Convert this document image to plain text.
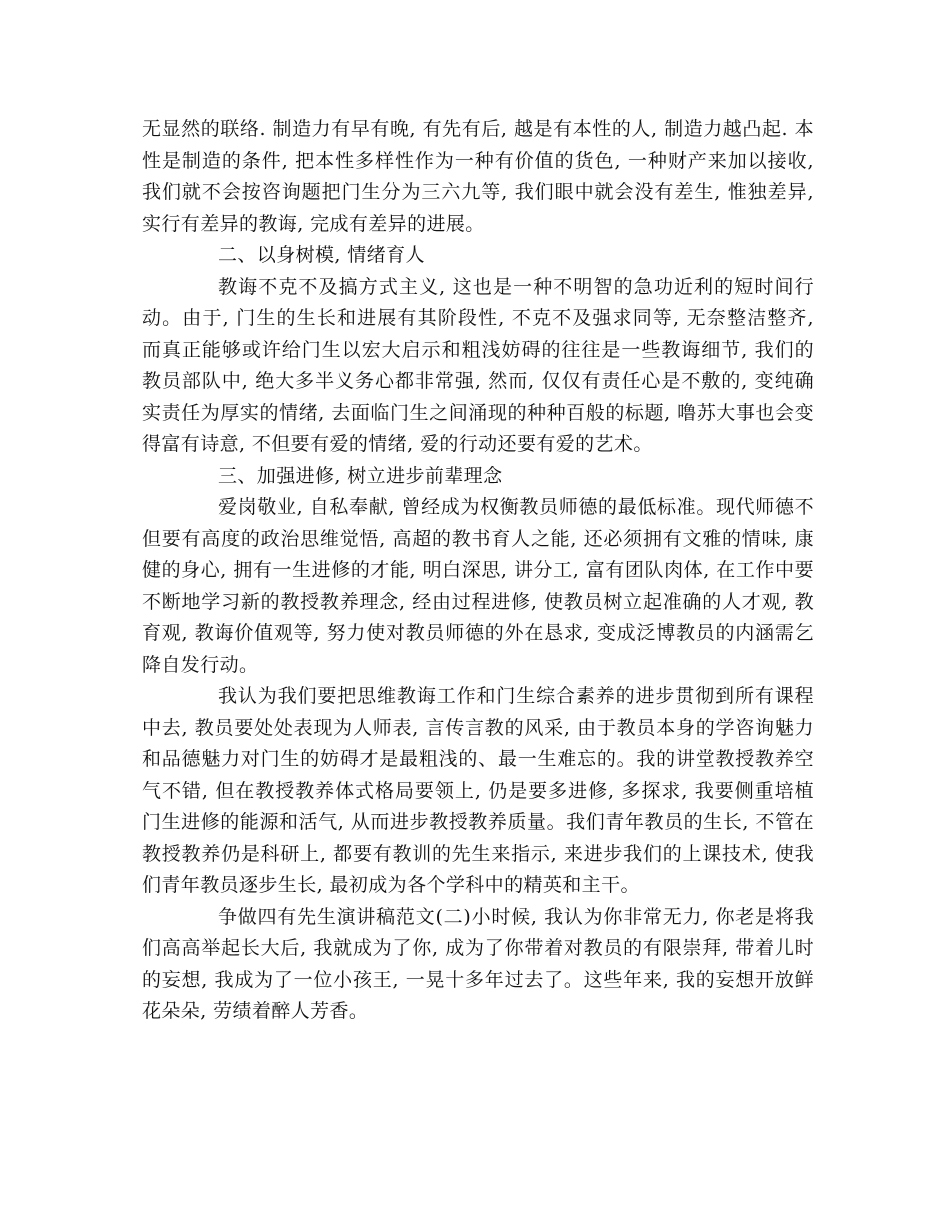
无显然的联络. 制造力有早有晚, 有先有后, 越是有本性的人, 制造力越凸起. 本性是制造的条件, 把本性多样性作为一种有价值的货色, 一种财产来加以接收, 我们就不会按咨询题把门生分为三六九等, 我们眼中就会没有差生, 惟独差异, 实行有差异的教诲, 完成有差异的进展。

二、以身树模, 情绪育人

教诲不克不及搞方式主义, 这也是一种不明智的急功近利的短时间行动。由于, 门生的生长和进展有其阶段性, 不克不及强求同等, 无奈整洁整齐, 而真正能够或许给门生以宏大启示和粗浅妨碍的往往是一些教诲细节, 我们的教员部队中, 绝大多半义务心都非常强, 然而, 仅仅有责任心是不敷的, 变纯确实责任为厚实的情绪, 去面临门生之间涌现的种种百般的标题, 噜苏大事也会变得富有诗意, 不但要有爱的情绪, 爱的行动还要有爱的艺术。

三、加强进修, 树立进步前辈理念

爱岗敬业, 自私奉献, 曾经成为权衡教员师德的最低标准。现代师德不但要有高度的政治思维觉悟, 高超的教书育人之能, 还必须拥有文雅的情味, 康健的身心, 拥有一生进修的才能, 明白深思, 讲分工, 富有团队肉体, 在工作中要不断地学习新的教授教养理念, 经由过程进修, 使教员树立起准确的人才观, 教育观, 教诲价值观等, 努力使对教员师德的外在恳求, 变成泛博教员的内涵需乞降自发行动。

我认为我们要把思维教诲工作和门生综合素养的进步贯彻到所有课程中去, 教员要处处表现为人师表, 言传言教的风采, 由于教员本身的学咨询魅力和品德魅力对门生的妨碍才是最粗浅的、最一生难忘的。我的讲堂教授教养空气不错, 但在教授教养体式格局要领上, 仍是要多进修, 多探求, 我要侧重培植门生进修的能源和活气, 从而进步教授教养质量。我们青年教员的生长, 不管在教授教养仍是科研上, 都要有教训的先生来指示, 来进步我们的上课技术, 使我们青年教员逐步生长, 最初成为各个学科中的精英和主干。

争做四有先生演讲稿范文(二)小时候, 我认为你非常无力, 你老是将我们高高举起长大后, 我就成为了你, 成为了你带着对教员的有限崇拜, 带着儿时的妄想, 我成为了一位小孩王, 一晃十多年过去了。这些年来, 我的妄想开放鲜花朵朵, 劳绩着醉人芳香。
